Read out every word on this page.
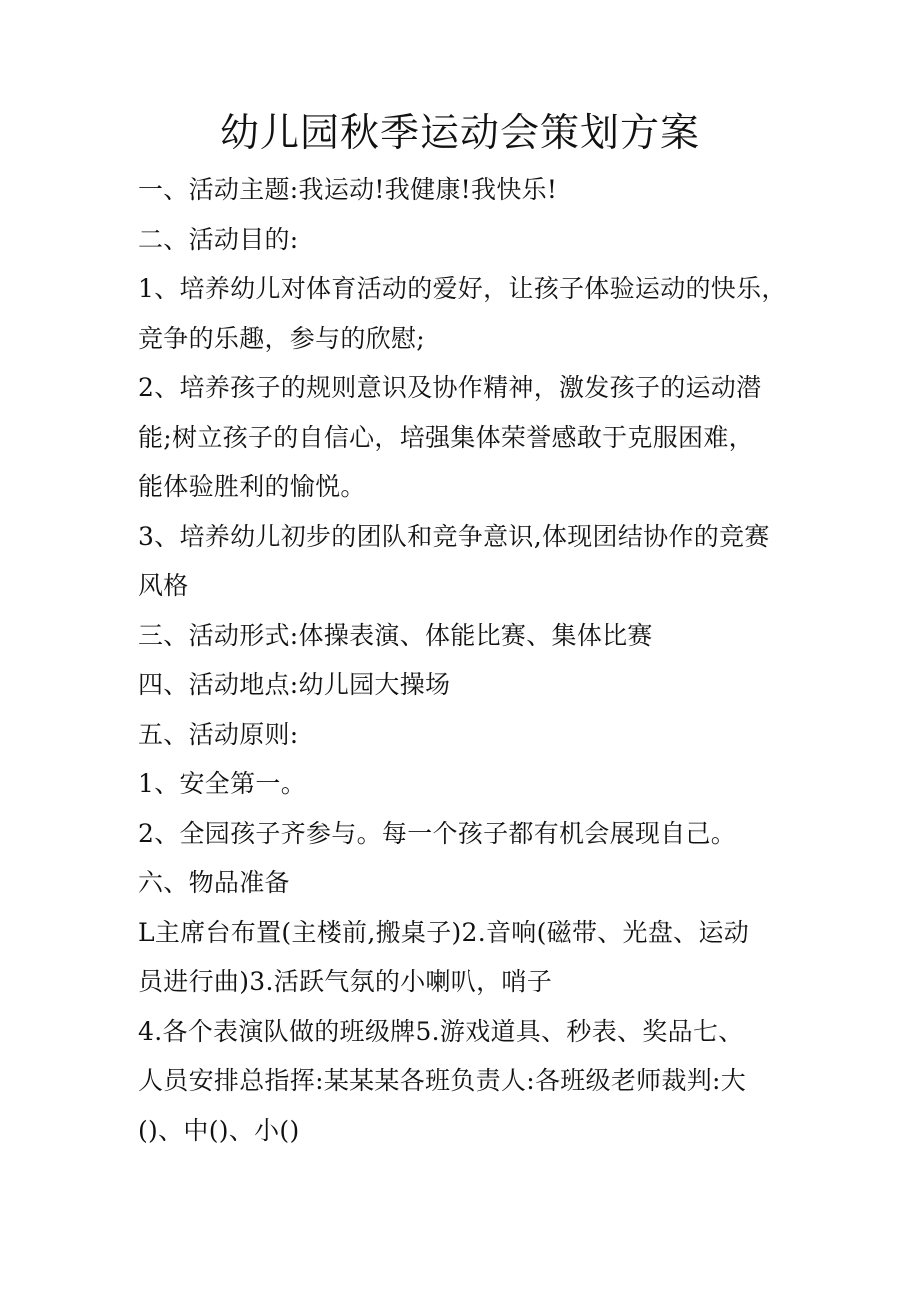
幼儿园秋季运动会策划方案
一、活动主题:我运动!我健康!我快乐!
二、活动目的:
1、培养幼儿对体育活动的爱好，让孩子体验运动的快乐，
竞争的乐趣，参与的欣慰;
2、培养孩子的规则意识及协作精神，激发孩子的运动潜
能;树立孩子的自信心，培强集体荣誉感敢于克服困难，
能体验胜利的愉悦。
3、培养幼儿初步的团队和竞争意识,体现团结协作的竞赛
风格
三、活动形式:体操表演、体能比赛、集体比赛
四、活动地点:幼儿园大操场
五、活动原则:
1、安全第一。
2、全园孩子齐参与。每一个孩子都有机会展现自己。
六、物品准备
L主席台布置(主楼前,搬桌子)2.音响(磁带、光盘、运动
员进行曲)3.活跃气氛的小喇叭，哨子
4.各个表演队做的班级牌5.游戏道具、秒表、奖品七、
人员安排总指挥:某某某各班负责人:各班级老师裁判:大
()、中()、小()
